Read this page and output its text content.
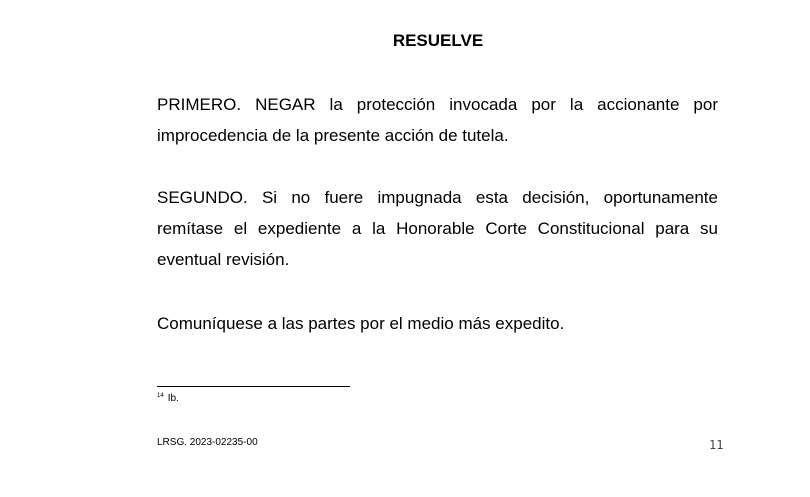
RESUELVE

PRIMERO. NEGAR la protección invocada por la accionante por improcedencia de la presente acción de tutela.

SEGUNDO. Si no fuere impugnada esta decisión, oportunamente remítase el expediente a la Honorable Corte Constitucional para su eventual revisión.

Comuníquese a las partes por el medio más expedito.

$^{14}$ Ib.

LRSG. 2023-02235-00	11
